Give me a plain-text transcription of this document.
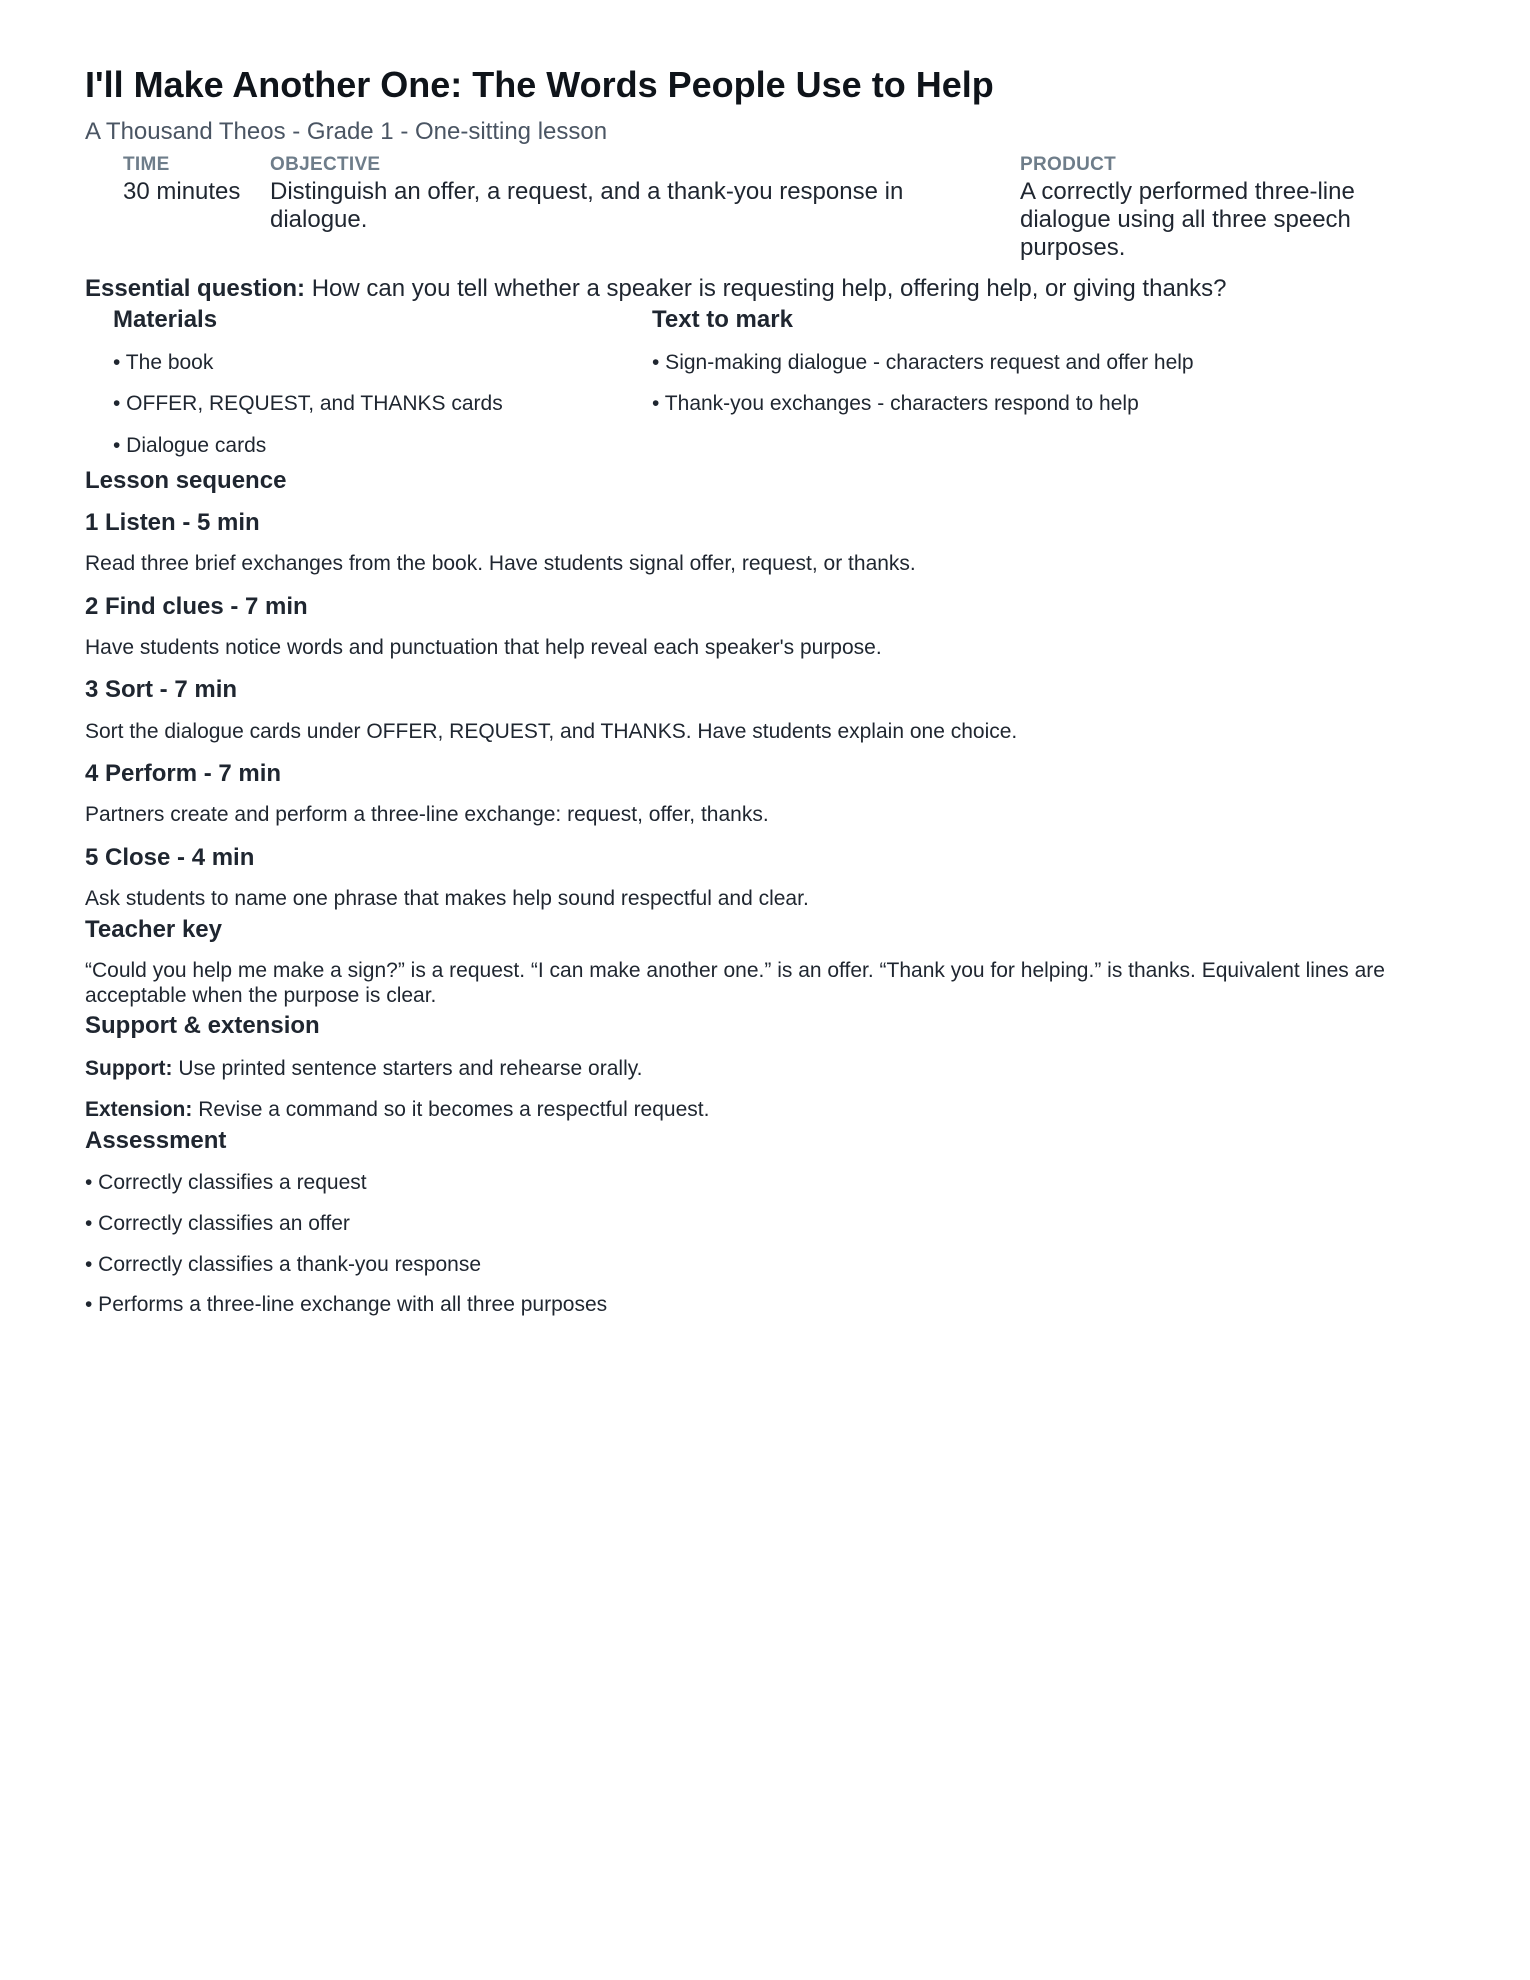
I'll Make Another One: The Words People Use to Help
A Thousand Theos - Grade 1 - One-sitting lesson
TIME
30 minutes
OBJECTIVE
Distinguish an offer, a request, and a thank-you response in dialogue.
PRODUCT
A correctly performed three-line dialogue using all three speech purposes.
Essential question: How can you tell whether a speaker is requesting help, offering help, or giving thanks?
Materials
• The book
• OFFER, REQUEST, and THANKS cards
• Dialogue cards
Text to mark
• Sign-making dialogue - characters request and offer help
• Thank-you exchanges - characters respond to help
Lesson sequence
1 Listen - 5 min
Read three brief exchanges from the book. Have students signal offer, request, or thanks.
2 Find clues - 7 min
Have students notice words and punctuation that help reveal each speaker's purpose.
3 Sort - 7 min
Sort the dialogue cards under OFFER, REQUEST, and THANKS. Have students explain one choice.
4 Perform - 7 min
Partners create and perform a three-line exchange: request, offer, thanks.
5 Close - 4 min
Ask students to name one phrase that makes help sound respectful and clear.
Teacher key
“Could you help me make a sign?” is a request. “I can make another one.” is an offer. “Thank you for helping.” is thanks. Equivalent lines are acceptable when the purpose is clear.
Support & extension
Support: Use printed sentence starters and rehearse orally.
Extension: Revise a command so it becomes a respectful request.
Assessment
• Correctly classifies a request
• Correctly classifies an offer
• Correctly classifies a thank-you response
• Performs a three-line exchange with all three purposes
